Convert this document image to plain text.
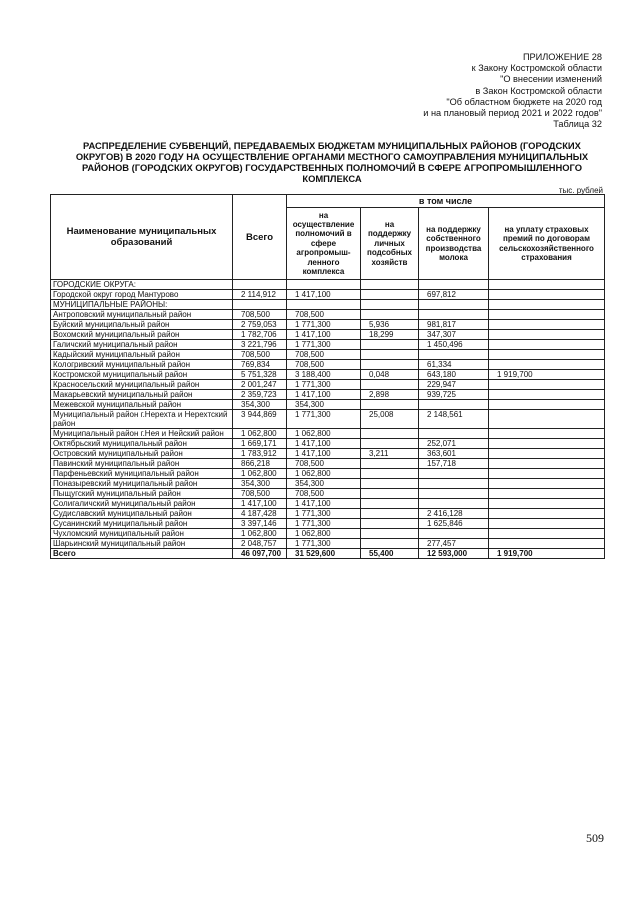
ПРИЛОЖЕНИЕ 28
к Закону Костромской области
"О внесении изменений
в Закон Костромской области
"Об областном бюджете на 2020 год
и на плановый период 2021 и 2022 годов"
Таблица 32
РАСПРЕДЕЛЕНИЕ СУБВЕНЦИЙ, ПЕРЕДАВАЕМЫХ БЮДЖЕТАМ МУНИЦИПАЛЬНЫХ РАЙОНОВ (ГОРОДСКИХ ОКРУГОВ) В 2020 ГОДУ НА ОСУЩЕСТВЛЕНИЕ ОРГАНАМИ МЕСТНОГО САМОУПРАВЛЕНИЯ МУНИЦИПАЛЬНЫХ РАЙОНОВ (ГОРОДСКИХ ОКРУГОВ) ГОСУДАРСТВЕННЫХ ПОЛНОМОЧИЙ В СФЕРЕ АГРОПРОМЫШЛЕННОГО КОМПЛЕКСА
тыс. рублей
Наименование муниципальных образований	Всего	в том числе			
		на осуществление полномочий в сфере агропромыш-ленного комплекса	на поддержку личных подсобных хозяйств	на поддержку собственного производства молока	на уплату страховых премий по договорам сельскохозяйственного страхования
ГОРОДСКИЕ ОКРУГА:					
Городской округ город Мантурово	2 114,912	1 417,100		697,812	
МУНИЦИПАЛЬНЫЕ РАЙОНЫ:					
Антроповский муниципальный район	708,500	708,500			
Буйский муниципальный район	2 759,053	1 771,300	5,936	981,817	
Вохомский муниципальный район	1 782,706	1 417,100	18,299	347,307	
Галичский муниципальный район	3 221,796	1 771,300		1 450,496	
Кадыйский муниципальный район	708,500	708,500			
Кологривский муниципальный район	769,834	708,500		61,334	
Костромской муниципальный район	5 751,328	3 188,400	0,048	643,180	1 919,700
Красносельский муниципальный район	2 001,247	1 771,300		229,947	
Макарьевский муниципальный район	2 359,723	1 417,100	2,898	939,725	
Межевской муниципальный район	354,300	354,300			
Муниципальный район г.Нерехта и Нерехтский район	3 944,869	1 771,300	25,008	2 148,561	
Муниципальный район г.Нея и Нейский район	1 062,800	1 062,800			
Октябрьский муниципальный район	1 669,171	1 417,100		252,071	
Островский муниципальный район	1 783,912	1 417,100	3,211	363,601	
Павинский муниципальный район	866,218	708,500		157,718	
Парфеньевский муниципальный район	1 062,800	1 062,800			
Поназыревский муниципальный район	354,300	354,300			
Пыщугский муниципальный район	708,500	708,500			
Солигаличский муниципальный район	1 417,100	1 417,100			
Судиславский муниципальный район	4 187,428	1 771,300		2 416,128	
Сусанинский муниципальный район	3 397,146	1 771,300		1 625,846	
Чухломский муниципальный район	1 062,800	1 062,800			
Шарьинский муниципальный район	2 048,757	1 771,300		277,457	
Всего	46 097,700	31 529,600	55,400	12 593,000	1 919,700
509
